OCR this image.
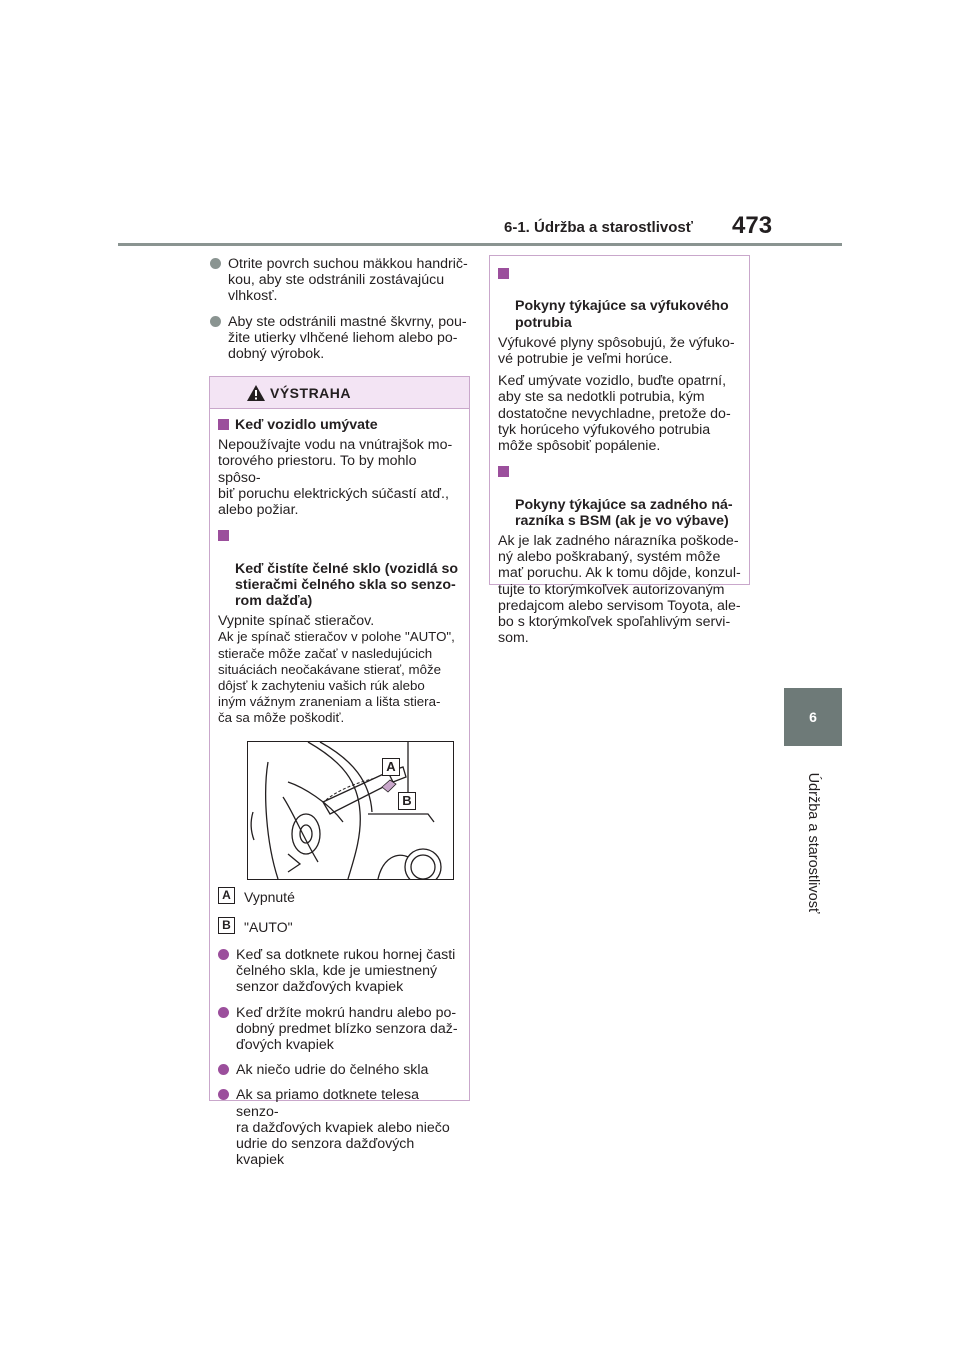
6-1. Údržba a starostlivosť 473
6
Údržba a starostlivosť
Otrite povrch suchou mäkkou handrič-
kou, aby ste odstránili zostávajúcu
vlhkosť.
Aby ste odstránili mastné škvrny, pou-
žite utierky vlhčené liehom alebo po-
dobný výrobok.
VÝSTRAHA
Keď vozidlo umývate
Nepoužívajte vodu na vnútrajšok mo-
torového priestoru. To by mohlo spôso-
biť poruchu elektrických súčastí atď.,
alebo požiar.

Keď čistíte čelné sklo (vozidlá so
stieračmi čelného skla so senzo-
rom dažďa)

Vypnite spínač stieračov.
Ak je spínač stieračov v polohe "AUTO",
stierače môže začať v nasledujúcich
situáciách neočakávane stierať, môže
dôjsť k zachyteniu vašich rúk alebo
iným vážnym zraneniam a lišta stiera-
ča sa môže poškodiť.
A
B
A Vypnuté
B "AUTO"
Keď sa dotknete rukou hornej časti
čelného skla, kde je umiestnený
senzor dažďových kvapiek
Keď držíte mokrú handru alebo po-
dobný predmet blízko senzora daž-
ďových kvapiek
Ak niečo udrie do čelného skla
Ak sa priamo dotknete telesa senzo-
ra dažďových kvapiek alebo niečo
udrie do senzora dažďových kvapiek

Pokyny týkajúce sa výfukového
potrubia

Výfukové plyny spôsobujú, že výfuko-
vé potrubie je veľmi horúce.
Keď umývate vozidlo, buďte opatrní,
aby ste sa nedotkli potrubia, kým
dostatočne nevychladne, pretože do-
tyk horúceho výfukového potrubia
môže spôsobiť popálenie.

Pokyny týkajúce sa zadného ná-
razníka s BSM (ak je vo výbave)

Ak je lak zadného nárazníka poškode-
ný alebo poškrabaný, systém môže
mať poruchu. Ak k tomu dôjde, konzul-
tujte to ktorýmkoľvek autorizovaným
predajcom alebo servisom Toyota, ale-
bo s ktorýmkoľvek spoľahlivým servi-
som.
